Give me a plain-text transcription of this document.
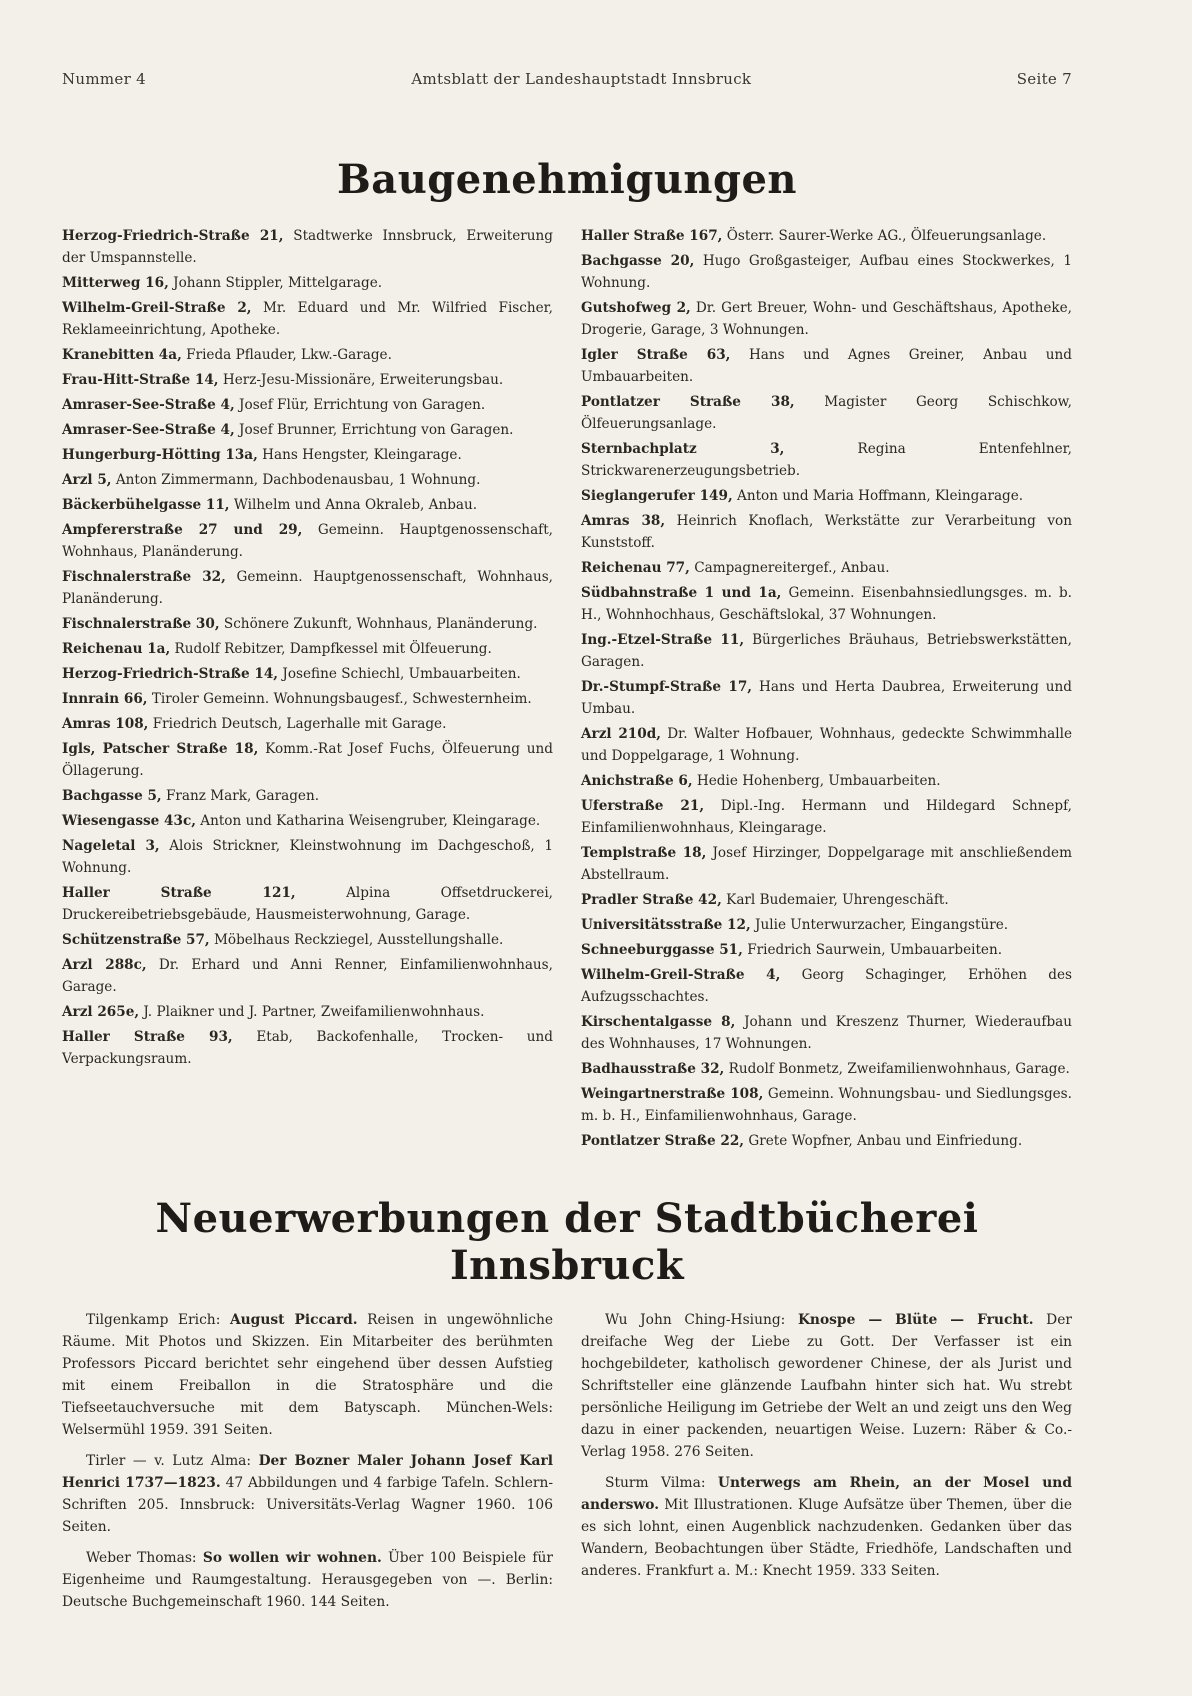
Nummer 4	Amtsblatt der Landeshauptstadt Innsbruck	Seite 7
Baugenehmigungen

Herzog-Friedrich-Straße 21, Stadtwerke Innsbruck, Erweiterung der Umspannstelle.

Mitterweg 16, Johann Stippler, Mittelgarage.

Wilhelm-Greil-Straße 2, Mr. Eduard und Mr. Wilfried Fischer, Reklameeinrichtung, Apotheke.

Kranebitten 4a, Frieda Pflauder, Lkw.-Garage.

Frau-Hitt-Straße 14, Herz-Jesu-Missionäre, Erweiterungsbau.

Amraser-See-Straße 4, Josef Flür, Errichtung von Garagen.

Amraser-See-Straße 4, Josef Brunner, Errichtung von Garagen.

Hungerburg-Hötting 13a, Hans Hengster, Kleingarage.

Arzl 5, Anton Zimmermann, Dachbodenausbau, 1 Wohnung.

Bäckerbühelgasse 11, Wilhelm und Anna Okraleb, Anbau.

Ampfererstraße 27 und 29, Gemeinn. Hauptgenossenschaft, Wohnhaus, Planänderung.

Fischnalerstraße 32, Gemeinn. Hauptgenossenschaft, Wohnhaus, Planänderung.

Fischnalerstraße 30, Schönere Zukunft, Wohnhaus, Planänderung.

Reichenau 1a, Rudolf Rebitzer, Dampfkessel mit Ölfeuerung.

Herzog-Friedrich-Straße 14, Josefine Schiechl, Umbauarbeiten.

Innrain 66, Tiroler Gemeinn. Wohnungsbaugesf., Schwesternheim.

Amras 108, Friedrich Deutsch, Lagerhalle mit Garage.

Igls, Patscher Straße 18, Komm.-Rat Josef Fuchs, Ölfeuerung und Öllagerung.

Bachgasse 5, Franz Mark, Garagen.

Wiesengasse 43c, Anton und Katharina Weisengruber, Kleingarage.

Nageletal 3, Alois Strickner, Kleinstwohnung im Dachgeschoß, 1 Wohnung.

Haller Straße 121, Alpina Offsetdruckerei, Druckereibetriebsgebäude, Hausmeisterwohnung, Garage.

Schützenstraße 57, Möbelhaus Reckziegel, Ausstellungshalle.

Arzl 288c, Dr. Erhard und Anni Renner, Einfamilienwohnhaus, Garage.

Arzl 265e, J. Plaikner und J. Partner, Zweifamilienwohnhaus.

Haller Straße 93, Etab, Backofenhalle, Trocken- und Verpackungsraum.

Haller Straße 167, Österr. Saurer-Werke AG., Ölfeuerungsanlage.

Bachgasse 20, Hugo Großgasteiger, Aufbau eines Stockwerkes, 1 Wohnung.

Gutshofweg 2, Dr. Gert Breuer, Wohn- und Geschäftshaus, Apotheke, Drogerie, Garage, 3 Wohnungen.

Igler Straße 63, Hans und Agnes Greiner, Anbau und Umbauarbeiten.

Pontlatzer Straße 38, Magister Georg Schischkow, Ölfeuerungsanlage.

Sternbachplatz 3, Regina Entenfehlner, Strickwarenerzeugungsbetrieb.

Sieglangerufer 149, Anton und Maria Hoffmann, Kleingarage.

Amras 38, Heinrich Knoflach, Werkstätte zur Verarbeitung von Kunststoff.

Reichenau 77, Campagnereitergef., Anbau.

Südbahnstraße 1 und 1a, Gemeinn. Eisenbahnsiedlungsges. m. b. H., Wohnhochhaus, Geschäftslokal, 37 Wohnungen.

Ing.-Etzel-Straße 11, Bürgerliches Bräuhaus, Betriebswerkstätten, Garagen.

Dr.-Stumpf-Straße 17, Hans und Herta Daubrea, Erweiterung und Umbau.

Arzl 210d, Dr. Walter Hofbauer, Wohnhaus, gedeckte Schwimmhalle und Doppelgarage, 1 Wohnung.

Anichstraße 6, Hedie Hohenberg, Umbauarbeiten.

Uferstraße 21, Dipl.-Ing. Hermann und Hildegard Schnepf, Einfamilienwohnhaus, Kleingarage.

Templstraße 18, Josef Hirzinger, Doppelgarage mit anschließendem Abstellraum.

Pradler Straße 42, Karl Budemaier, Uhrengeschäft.

Universitätsstraße 12, Julie Unterwurzacher, Eingangstüre.

Schneeburggasse 51, Friedrich Saurwein, Umbauarbeiten.

Wilhelm-Greil-Straße 4, Georg Schaginger, Erhöhen des Aufzugsschachtes.

Kirschentalgasse 8, Johann und Kreszenz Thurner, Wiederaufbau des Wohnhauses, 17 Wohnungen.

Badhausstraße 32, Rudolf Bonmetz, Zweifamilienwohnhaus, Garage.

Weingartnerstraße 108, Gemeinn. Wohnungsbau- und Siedlungsges. m. b. H., Einfamilienwohnhaus, Garage.

Pontlatzer Straße 22, Grete Wopfner, Anbau und Einfriedung.

Neuerwerbungen der Stadtbücherei Innsbruck

Tilgenkamp Erich: August Piccard. Reisen in ungewöhnliche Räume. Mit Photos und Skizzen. Ein Mitarbeiter des berühmten Professors Piccard berichtet sehr eingehend über dessen Aufstieg mit einem Freiballon in die Stratosphäre und die Tiefseetauchversuche mit dem Batyscaph. München-Wels: Welsermühl 1959. 391 Seiten.

Tirler — v. Lutz Alma: Der Bozner Maler Johann Josef Karl Henrici 1737—1823. 47 Abbildungen und 4 farbige Tafeln. Schlern-Schriften 205. Innsbruck: Universitäts-Verlag Wagner 1960. 106 Seiten.

Weber Thomas: So wollen wir wohnen. Über 100 Beispiele für Eigenheime und Raumgestaltung. Herausgegeben von —. Berlin: Deutsche Buchgemeinschaft 1960. 144 Seiten.

Wu John Ching-Hsiung: Knospe — Blüte — Frucht. Der dreifache Weg der Liebe zu Gott. Der Verfasser ist ein hochgebildeter, katholisch gewordener Chinese, der als Jurist und Schriftsteller eine glänzende Laufbahn hinter sich hat. Wu strebt persönliche Heiligung im Getriebe der Welt an und zeigt uns den Weg dazu in einer packenden, neuartigen Weise. Luzern: Räber & Co.-Verlag 1958. 276 Seiten.

Sturm Vilma: Unterwegs am Rhein, an der Mosel und anderswo. Mit Illustrationen. Kluge Aufsätze über Themen, über die es sich lohnt, einen Augenblick nachzudenken. Gedanken über das Wandern, Beobachtungen über Städte, Friedhöfe, Landschaften und anderes. Frankfurt a. M.: Knecht 1959. 333 Seiten.
